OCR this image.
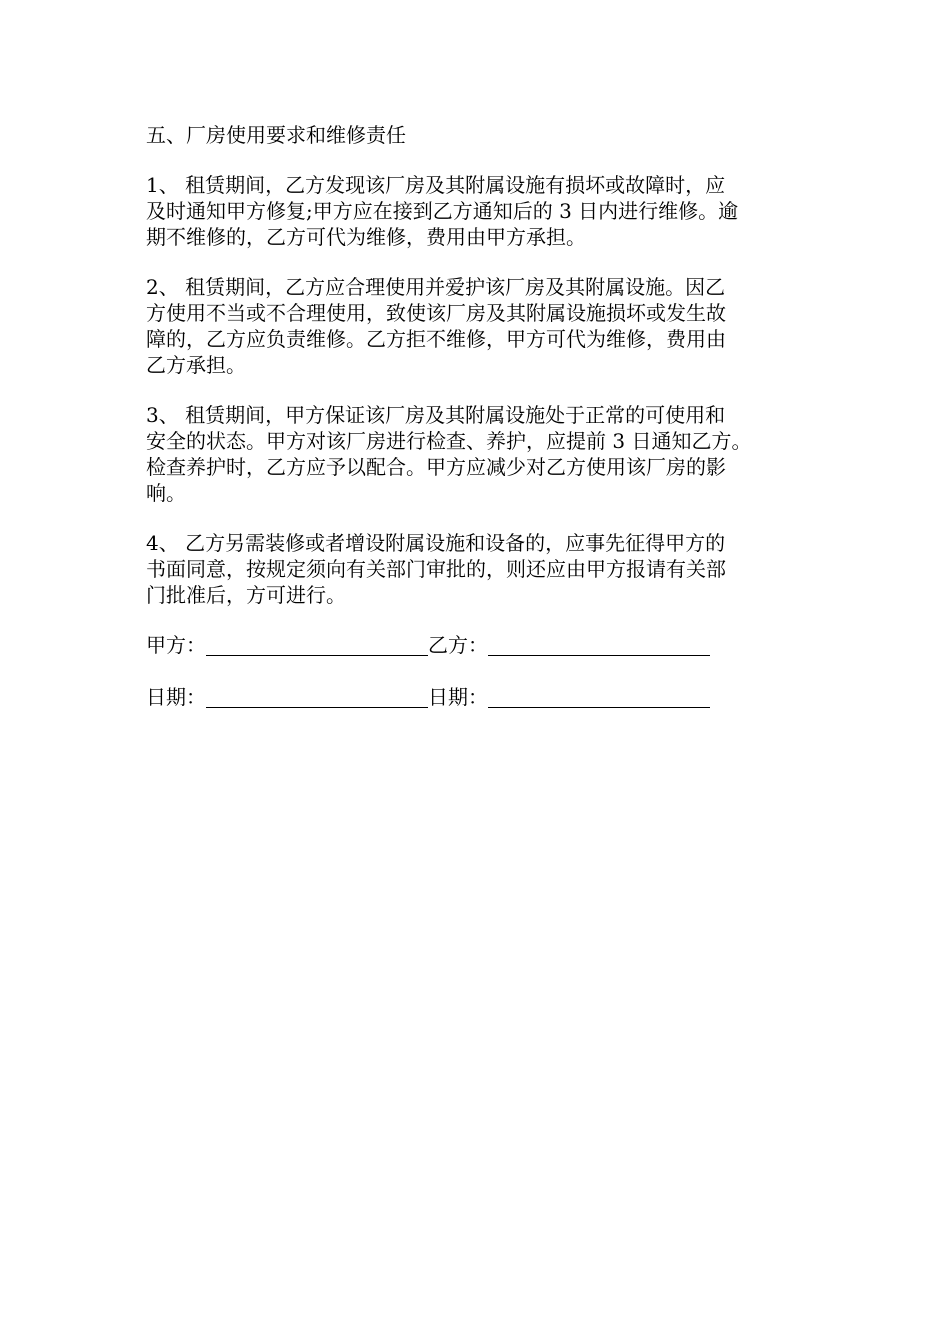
五、厂房使用要求和维修责任
1、 租赁期间，乙方发现该厂房及其附属设施有损坏或故障时，应
及时通知甲方修复;甲方应在接到乙方通知后的 3 日内进行维修。逾
期不维修的，乙方可代为维修，费用由甲方承担。
2、 租赁期间，乙方应合理使用并爱护该厂房及其附属设施。因乙
方使用不当或不合理使用，致使该厂房及其附属设施损坏或发生故
障的，乙方应负责维修。乙方拒不维修，甲方可代为维修，费用由
乙方承担。
3、 租赁期间，甲方保证该厂房及其附属设施处于正常的可使用和
安全的状态。甲方对该厂房进行检查、养护，应提前 3 日通知乙方。
检查养护时，乙方应予以配合。甲方应减少对乙方使用该厂房的影
响。
4、 乙方另需装修或者增设附属设施和设备的，应事先征得甲方的
书面同意，按规定须向有关部门审批的，则还应由甲方报请有关部
门批准后，方可进行。
甲方：	乙方：
日期：	日期：
